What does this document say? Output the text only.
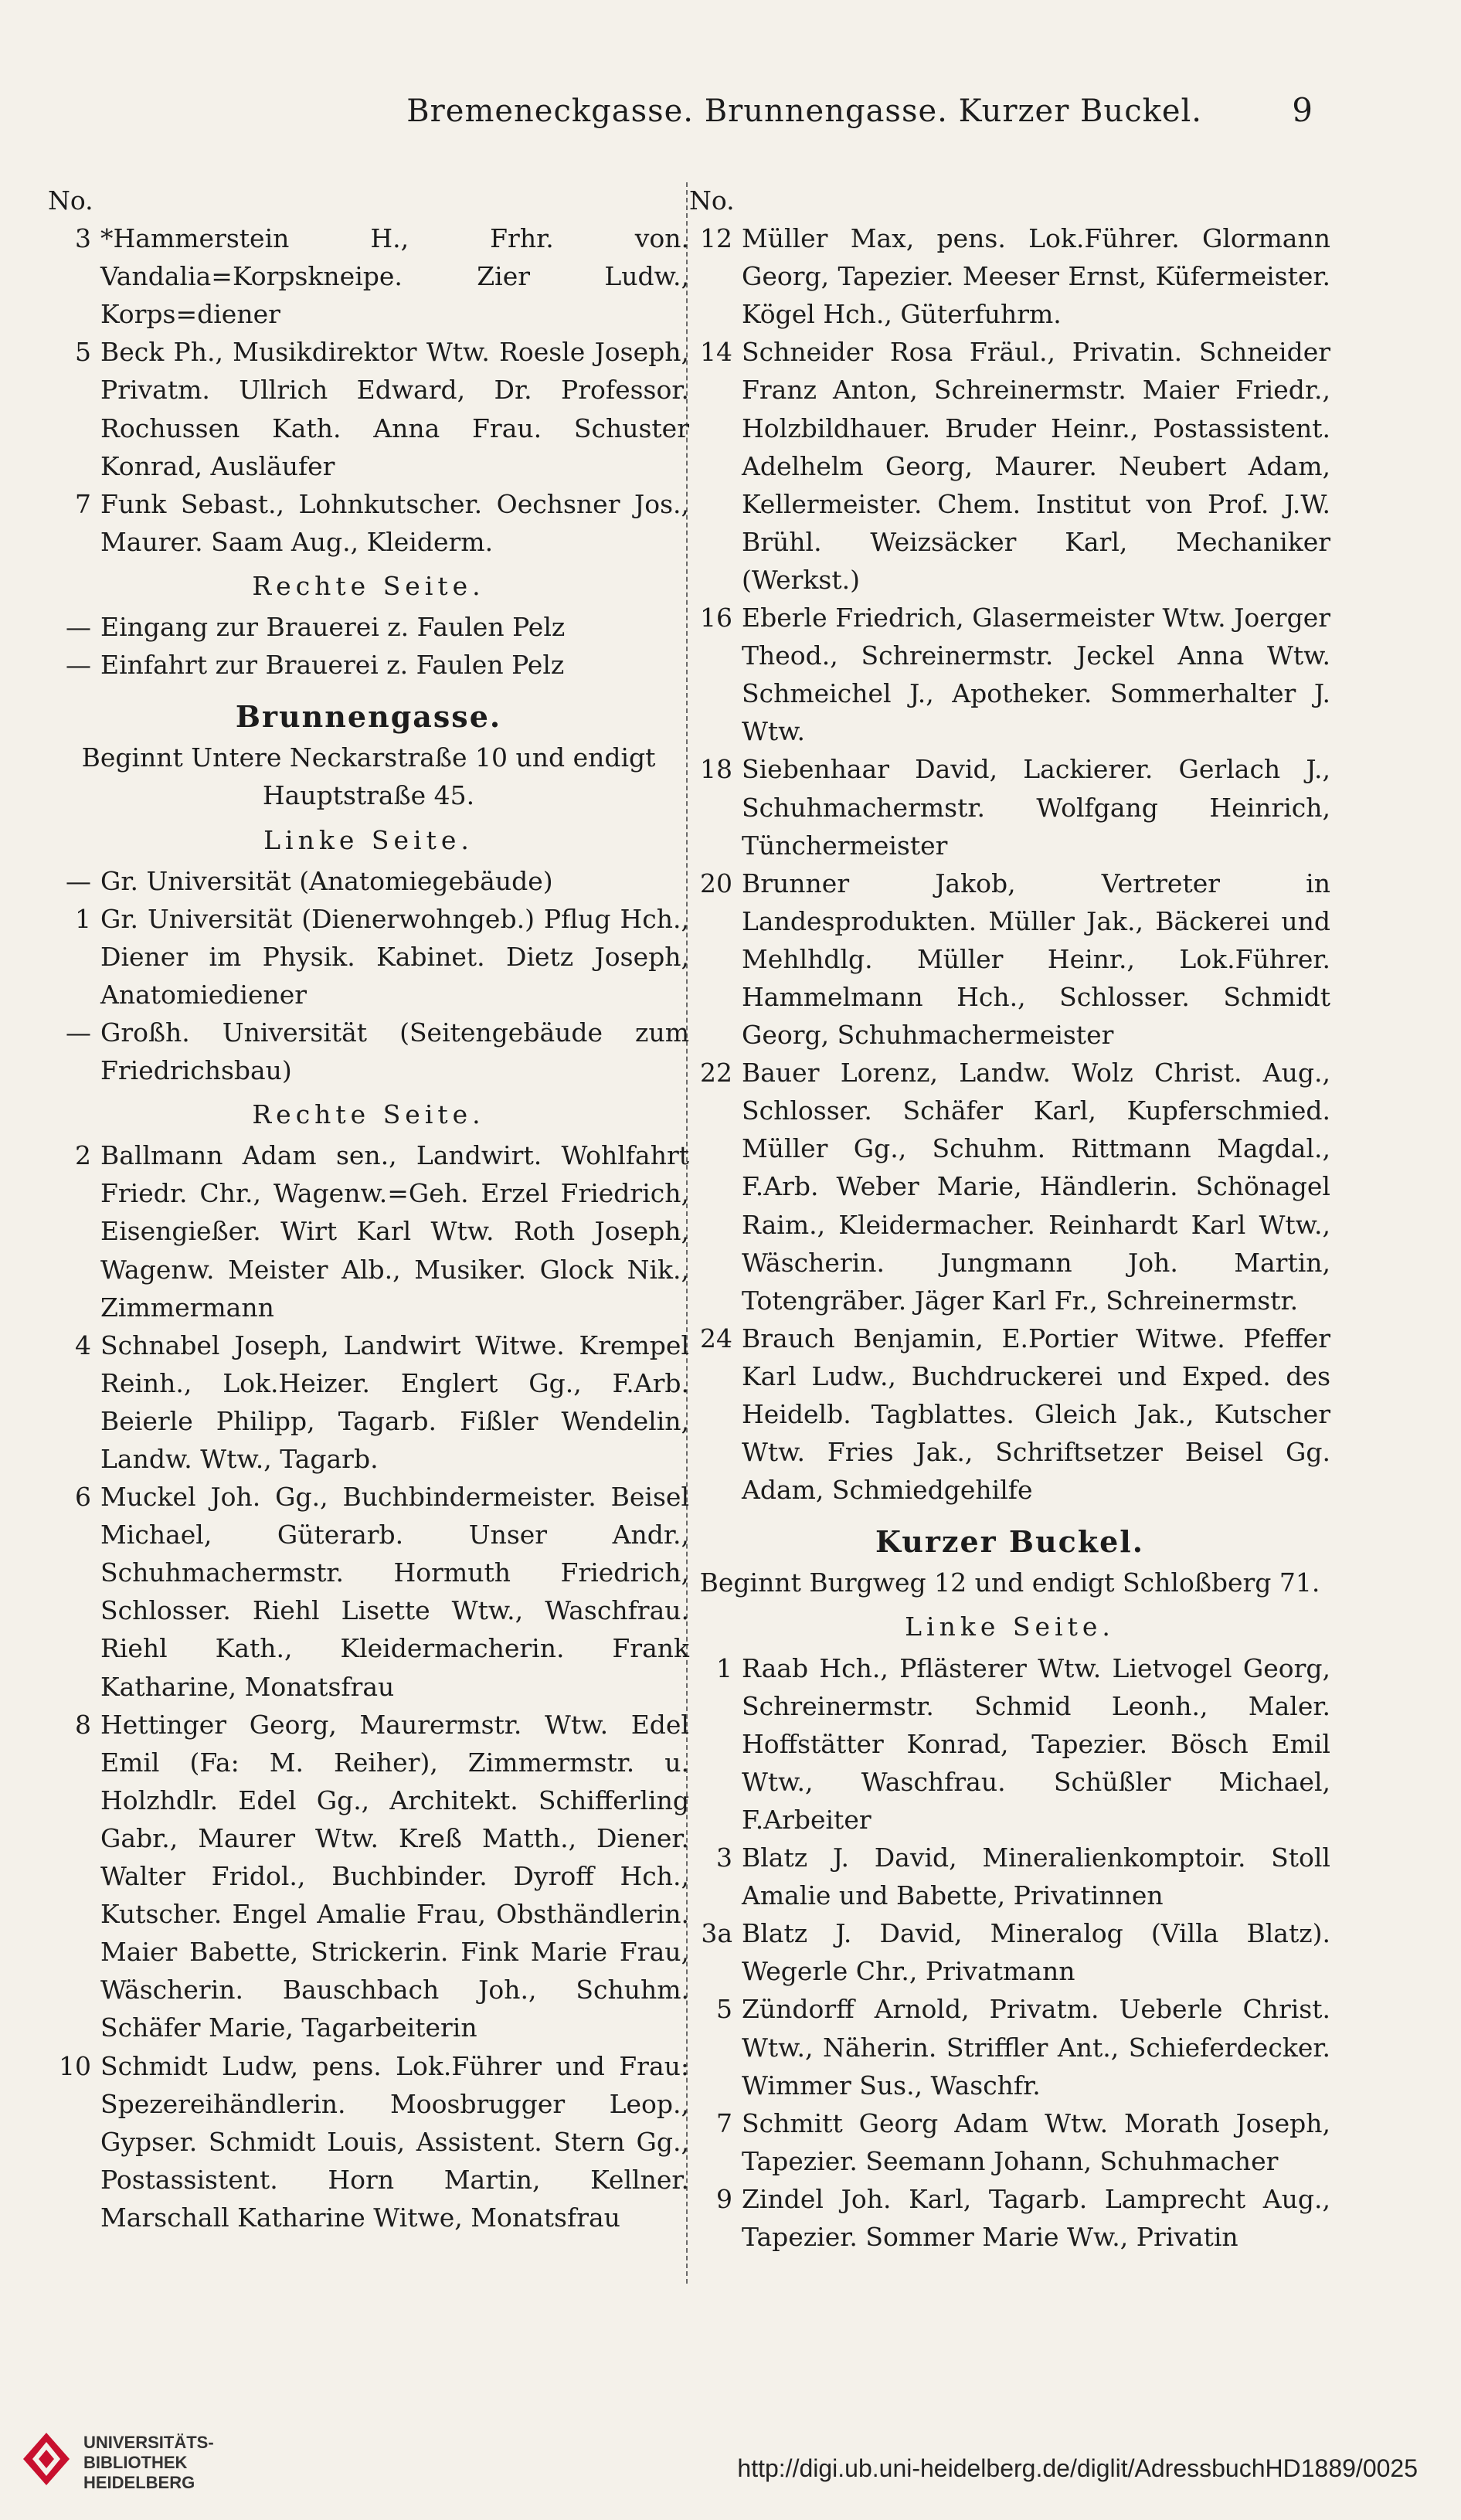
Bremeneckgasse. Brunnengasse. Kurzer Buckel.	9
No.
3 *Hammerstein H., Frhr. von. Vandalia=Korpskneipe. Zier Ludw., Korps=diener
5 Beck Ph., Musikdirektor Wtw. Roesle Joseph, Privatm. Ullrich Edward, Dr. Professor. Rochussen Kath. Anna Frau. Schuster Konrad, Ausläufer
7 Funk Sebast., Lohnkutscher. Oechsner Jos., Maurer. Saam Aug., Kleiderm.
Rechte Seite.
— Eingang zur Brauerei z. Faulen Pelz
— Einfahrt zur Brauerei z. Faulen Pelz
Brunnengasse.
Beginnt Untere Neckarstraße 10 und endigt Hauptstraße 45.
Linke Seite.
— Gr. Universität (Anatomiegebäude)
1 Gr. Universität (Dienerwohngeb.) Pflug Hch., Diener im Physik. Kabinet. Dietz Joseph, Anatomiediener
— Großh. Universität (Seitengebäude zum Friedrichsbau)
Rechte Seite.
2 Ballmann Adam sen., Landwirt. Wohlfahrt Friedr. Chr., Wagenw.=Geh. Erzel Friedrich, Eisengießer. Wirt Karl Wtw. Roth Joseph, Wagenw. Meister Alb., Musiker. Glock Nik., Zimmermann
4 Schnabel Joseph, Landwirt Witwe. Krempel Reinh., Lok.Heizer. Englert Gg., F.Arb. Beierle Philipp, Tagarb. Fißler Wendelin, Landw. Wtw., Tagarb.
6 Muckel Joh. Gg., Buchbindermeister. Beisel Michael, Güterarb. Unser Andr., Schuhmachermstr. Hormuth Friedrich, Schlosser. Riehl Lisette Wtw., Waschfrau. Riehl Kath., Kleidermacherin. Frank Katharine, Monatsfrau
8 Hettinger Georg, Maurermstr. Wtw. Edel Emil (Fa: M. Reiher), Zimmermstr. u. Holzhdlr. Edel Gg., Architekt. Schifferling Gabr., Maurer Wtw. Kreß Matth., Diener. Walter Fridol., Buchbinder. Dyroff Hch., Kutscher. Engel Amalie Frau, Obsthändlerin. Maier Babette, Strickerin. Fink Marie Frau, Wäscherin. Bauschbach Joh., Schuhm. Schäfer Marie, Tagarbeiterin
10 Schmidt Ludw, pens. Lok.Führer und Frau: Spezereihändlerin. Moosbrugger Leop., Gypser. Schmidt Louis, Assistent. Stern Gg., Postassistent. Horn Martin, Kellner. Marschall Katharine Witwe, Monatsfrau
No.
12 Müller Max, pens. Lok.Führer. Glormann Georg, Tapezier. Meeser Ernst, Küfermeister. Kögel Hch., Güterfuhrm.
14 Schneider Rosa Fräul., Privatin. Schneider Franz Anton, Schreinermstr. Maier Friedr., Holzbildhauer. Bruder Heinr., Postassistent. Adelhelm Georg, Maurer. Neubert Adam, Kellermeister. Chem. Institut von Prof. J.W. Brühl. Weizsäcker Karl, Mechaniker (Werkst.)
16 Eberle Friedrich, Glasermeister Wtw. Joerger Theod., Schreinermstr. Jeckel Anna Wtw. Schmeichel J., Apotheker. Sommerhalter J. Wtw.
18 Siebenhaar David, Lackierer. Gerlach J., Schuhmachermstr. Wolfgang Heinrich, Tünchermeister
20 Brunner Jakob, Vertreter in Landesprodukten. Müller Jak., Bäckerei und Mehlhdlg. Müller Heinr., Lok.Führer. Hammelmann Hch., Schlosser. Schmidt Georg, Schuhmachermeister
22 Bauer Lorenz, Landw. Wolz Christ. Aug., Schlosser. Schäfer Karl, Kupferschmied. Müller Gg., Schuhm. Rittmann Magdal., F.Arb. Weber Marie, Händlerin. Schönagel Raim., Kleidermacher. Reinhardt Karl Wtw., Wäscherin. Jungmann Joh. Martin, Totengräber. Jäger Karl Fr., Schreinermstr.
24 Brauch Benjamin, E.Portier Witwe. Pfeffer Karl Ludw., Buchdruckerei und Exped. des Heidelb. Tagblattes. Gleich Jak., Kutscher Wtw. Fries Jak., Schriftsetzer Beisel Gg. Adam, Schmiedgehilfe
Kurzer Buckel.
Beginnt Burgweg 12 und endigt Schloßberg 71.
Linke Seite.
1 Raab Hch., Pflästerer Wtw. Lietvogel Georg, Schreinermstr. Schmid Leonh., Maler. Hoffstätter Konrad, Tapezier. Bösch Emil Wtw., Waschfrau. Schüßler Michael, F.Arbeiter
3 Blatz J. David, Mineralienkomptoir. Stoll Amalie und Babette, Privatinnen
3a Blatz J. David, Mineralog (Villa Blatz). Wegerle Chr., Privatmann
5 Zündorff Arnold, Privatm. Ueberle Christ. Wtw., Näherin. Striffler Ant., Schieferdecker. Wimmer Sus., Waschfr.
7 Schmitt Georg Adam Wtw. Morath Joseph, Tapezier. Seemann Johann, Schuhmacher
9 Zindel Joh. Karl, Tagarb. Lamprecht Aug., Tapezier. Sommer Marie Ww., Privatin
UNIVERSITÄTS-
BIBLIOTHEK
HEIDELBERG
http://digi.ub.uni-heidelberg.de/diglit/AdressbuchHD1889/0025
